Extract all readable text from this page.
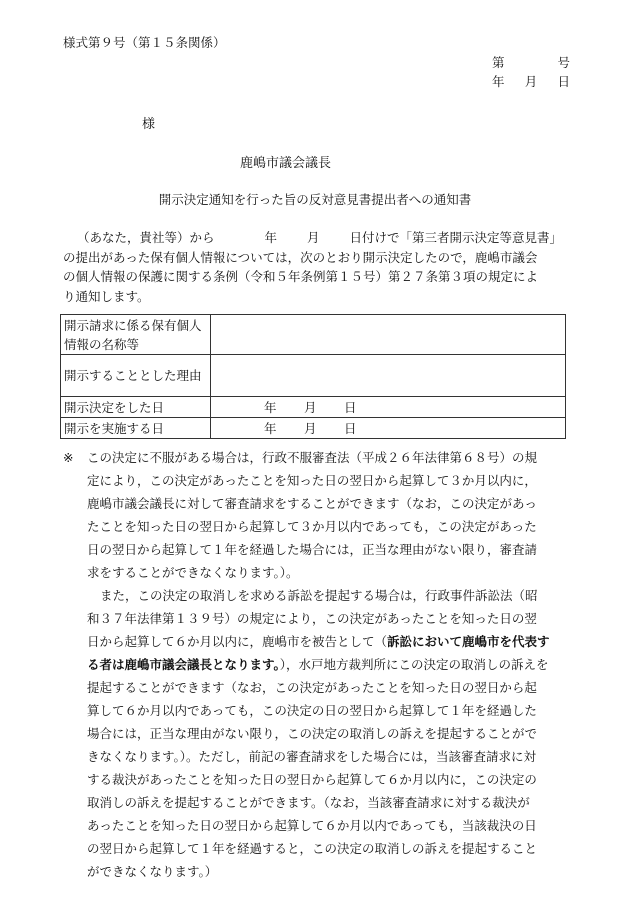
様式第９号（第１５条関係）
第	号
年 月 日
様
鹿嶋市議会議長
開示決定通知を行った旨の反対意見書提出者への通知書
（あなた，貴社等）から	年 月 日付けで「第三者開示決定等意見書」
の提出があった保有個人情報については，次のとおり開示決定したので，鹿嶋市議会
の個人情報の保護に関する条例（令和５年条例第１５号）第２７条第３項の規定によ
り通知します。
開示請求に係る保有個人
情報の名称等	

開示することとした理由	
開示決定をした日	年 月 日

開示を実施する日	年 月 日
※ この決定に不服がある場合は，行政不服審査法（平成２６年法律第６８号）の規
定により，この決定があったことを知った日の翌日から起算して３か月以内に，
鹿嶋市議会議長に対して審査請求をすることができます（なお，この決定があっ
たことを知った日の翌日から起算して３か月以内であっても，この決定があった
日の翌日から起算して１年を経過した場合には，正当な理由がない限り，審査請
求をすることができなくなります。）。
また，この決定の取消しを求める訴訟を提起する場合は，行政事件訴訟法（昭
和３７年法律第１３９号）の規定により，この決定があったことを知った日の翌
日から起算して６か月以内に，鹿嶋市を被告として（訴訟において鹿嶋市を代表す
る者は鹿嶋市議会議長となります。），水戸地方裁判所にこの決定の取消しの訴えを
提起することができます（なお，この決定があったことを知った日の翌日から起
算して６か月以内であっても，この決定の日の翌日から起算して１年を経過した
場合には，正当な理由がない限り，この決定の取消しの訴えを提起することがで
きなくなります。）。ただし，前記の審査請求をした場合には，当該審査請求に対
する裁決があったことを知った日の翌日から起算して６か月以内に，この決定の
取消しの訴えを提起することができます。（なお，当該審査請求に対する裁決が
あったことを知った日の翌日から起算して６か月以内であっても，当該裁決の日
の翌日から起算して１年を経過すると，この決定の取消しの訴えを提起すること
ができなくなります。）
